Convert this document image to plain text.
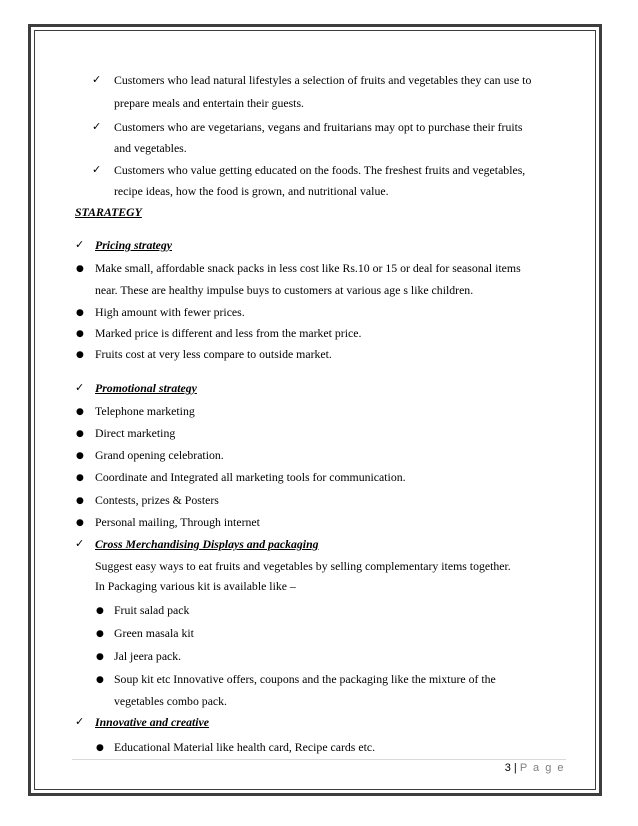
✓ Customers who lead natural lifestyles a selection of fruits and vegetables they can use to
prepare meals and entertain their guests.
✓ Customers who are vegetarians, vegans and fruitarians may opt to purchase their fruits
and vegetables.
✓ Customers who value getting educated on the foods. The freshest fruits and vegetables,
recipe ideas, how the food is grown, and nutritional value.
STARATEGY
✓ Pricing strategy
● Make small, affordable snack packs in less cost like Rs.10 or 15 or deal for seasonal items
near. These are healthy impulse buys to customers at various age s like children.
● High amount with fewer prices.
● Marked price is different and less from the market price.
● Fruits cost at very less compare to outside market.
✓ Promotional strategy
● Telephone marketing
● Direct marketing
● Grand opening celebration.
● Coordinate and Integrated all marketing tools for communication.
● Contests, prizes & Posters
● Personal mailing, Through internet
✓ Cross Merchandising Displays and packaging
Suggest easy ways to eat fruits and vegetables by selling complementary items together.
In Packaging various kit is available like –
● Fruit salad pack
● Green masala kit
● Jal jeera pack.
● Soup kit etc Innovative offers, coupons and the packaging like the mixture of the
vegetables combo pack.
✓ Innovative and creative
● Educational Material like health card, Recipe cards etc.
3 | P a g e
